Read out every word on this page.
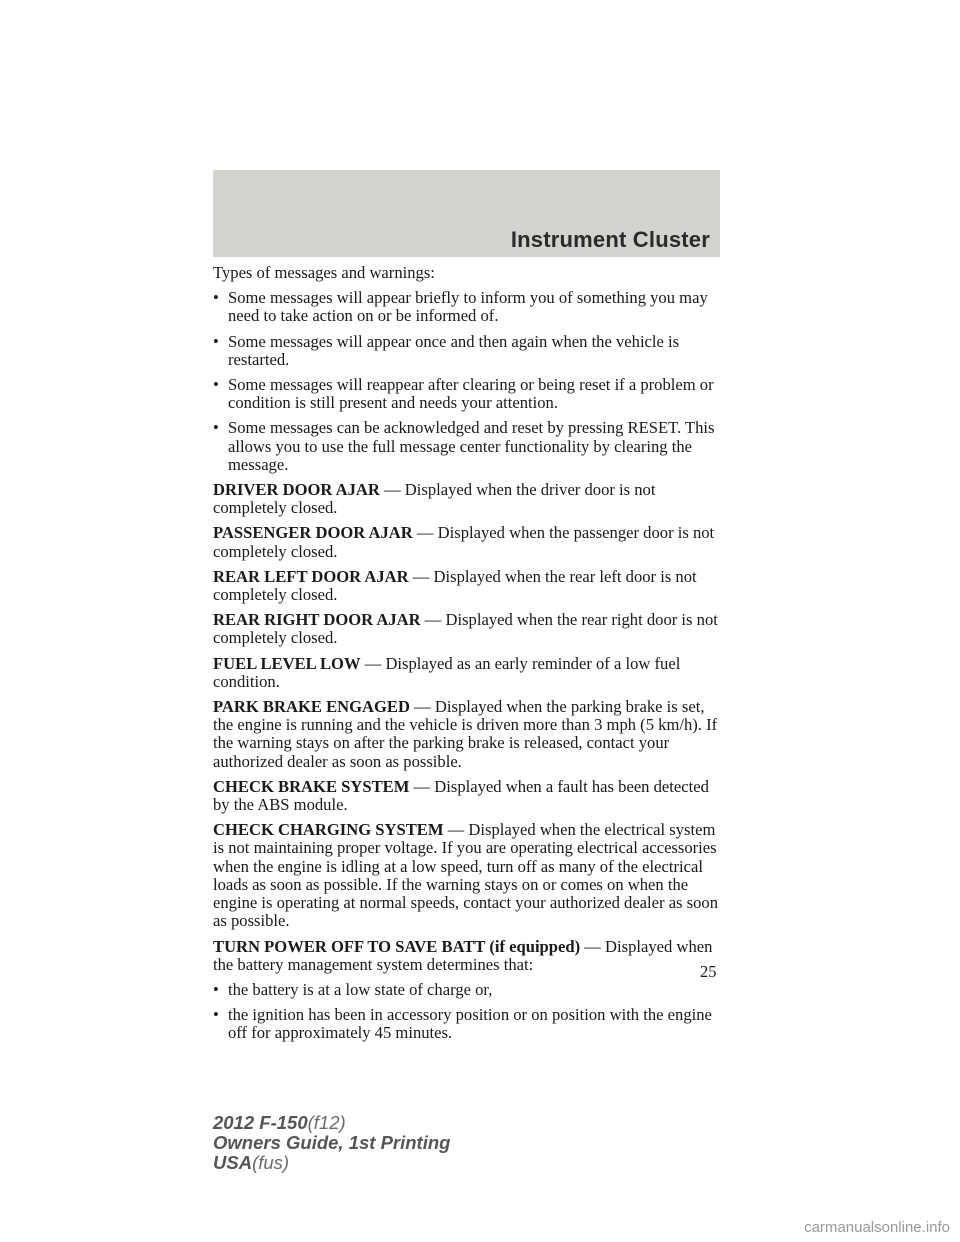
Instrument Cluster

Types of messages and warnings:

• Some messages will appear briefly to inform you of something you may need to take action on or be informed of.
• Some messages will appear once and then again when the vehicle is restarted.
• Some messages will reappear after clearing or being reset if a problem or condition is still present and needs your attention.
• Some messages can be acknowledged and reset by pressing RESET. This allows you to use the full message center functionality by clearing the message.

DRIVER DOOR AJAR — Displayed when the driver door is not completely closed.

PASSENGER DOOR AJAR — Displayed when the passenger door is not completely closed.

REAR LEFT DOOR AJAR — Displayed when the rear left door is not completely closed.

REAR RIGHT DOOR AJAR — Displayed when the rear right door is not completely closed.

FUEL LEVEL LOW — Displayed as an early reminder of a low fuel condition.

PARK BRAKE ENGAGED — Displayed when the parking brake is set, the engine is running and the vehicle is driven more than 3 mph (5 km/h). If the warning stays on after the parking brake is released, contact your authorized dealer as soon as possible.

CHECK BRAKE SYSTEM — Displayed when a fault has been detected by the ABS module.

CHECK CHARGING SYSTEM — Displayed when the electrical system is not maintaining proper voltage. If you are operating electrical accessories when the engine is idling at a low speed, turn off as many of the electrical loads as soon as possible. If the warning stays on or comes on when the engine is operating at normal speeds, contact your authorized dealer as soon as possible.

TURN POWER OFF TO SAVE BATT (if equipped) — Displayed when the battery management system determines that:

• the battery is at a low state of charge or,
• the ignition has been in accessory position or on position with the engine off for approximately 45 minutes.
25
2012 F-150(f12)
Owners Guide, 1st Printing
USA(fus)
carmanualsonline.info
